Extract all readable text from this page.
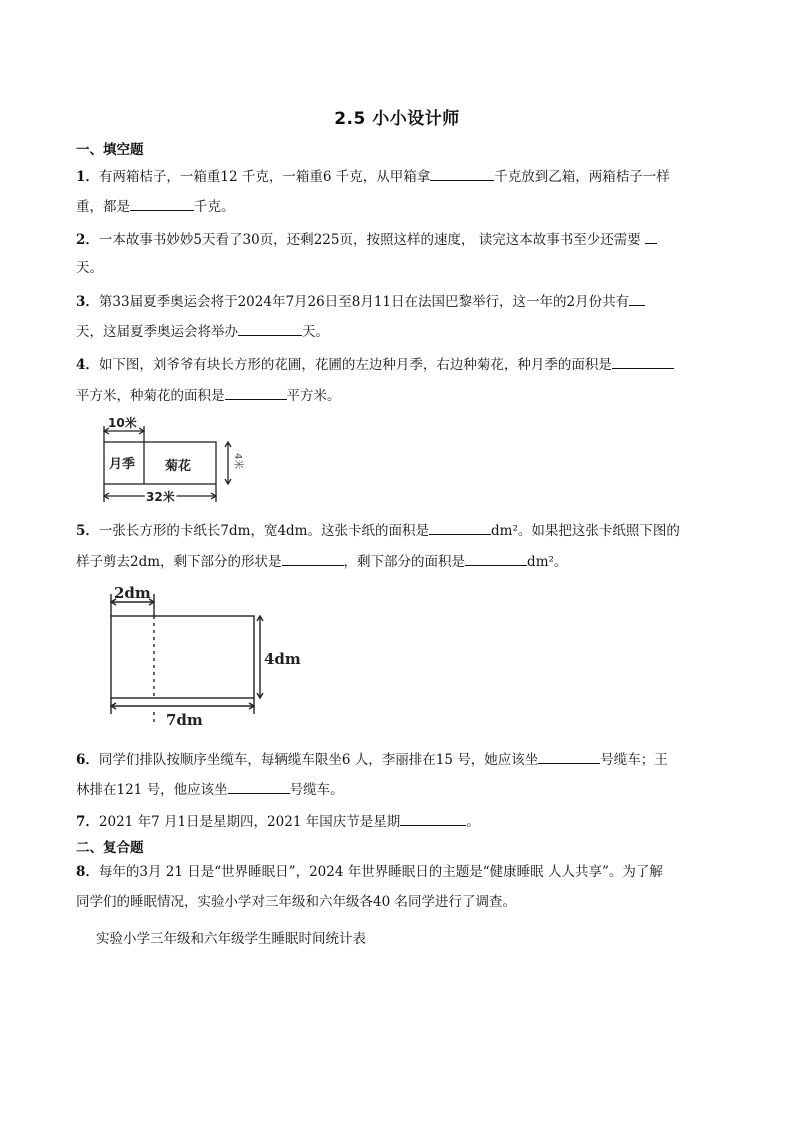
2.5 小小设计师
一、填空题
1．有两箱桔子，一箱重12 千克，一箱重6 千克，从甲箱拿	千克放到乙箱，两箱桔子一样
重，都是	千克。
2．一本故事书妙妙5天看了30页，还剩225页，按照这样的速度， 读完这本故事书至少还需要
天。
3．第33届夏季奥运会将于2024年7月26日至8月11日在法国巴黎举行，这一年的2月份共有
天，这届夏季奥运会将举办	天。
4．如下图，刘爷爷有块长方形的花圃，花圃的左边种月季，右边种菊花，种月季的面积是
平方米，种菊花的面积是	平方米。
10米
月季 菊花	4米
32米
5．一张长方形的卡纸长7dm，宽4dm。这张卡纸的面积是	dm²。如果把这张卡纸照下图的
样子剪去2dm，剩下部分的形状是	，剩下部分的面积是	dm²。
2dm
4dm
7dm
6．同学们排队按顺序坐缆车，每辆缆车限坐6 人，李丽排在15 号，她应该坐	号缆车；王
林排在121 号，他应该坐	号缆车。
7．2021 年7 月1日是星期四，2021 年国庆节是星期	。
二、复合题
8．每年的3月 21 日是“世界睡眠日”，2024 年世界睡眠日的主题是“健康睡眠 人人共享”。为了解
同学们的睡眠情况，实验小学对三年级和六年级各40 名同学进行了调查。
实验小学三年级和六年级学生睡眠时间统计表
